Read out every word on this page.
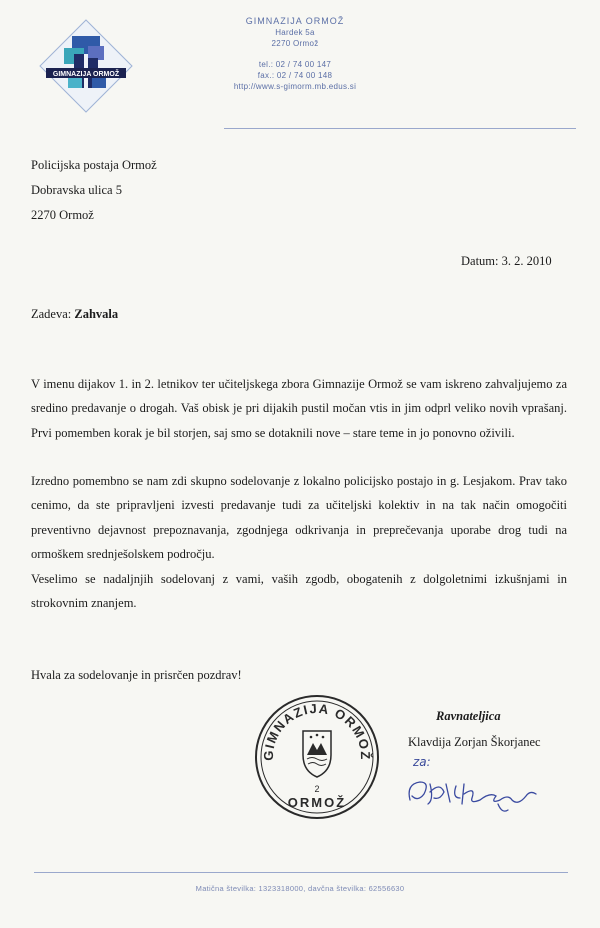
GIMNAZIJA ORMOŽ
GIMNAZIJA ORMOŽ
Hardek 5a
2270 Ormož
tel.: 02 / 74 00 147
fax.: 02 / 74 00 148
http://www.s-gimorm.mb.edus.si
Policijska postaja Ormož
Dobravska ulica 5
2270 Ormož
Datum: 3. 2. 2010
Zadeva: Zahvala
V imenu dijakov 1. in 2. letnikov ter učiteljskega zbora Gimnazije Ormož se vam iskreno zahvaljujemo za sredino predavanje o drogah. Vaš obisk je pri dijakih pustil močan vtis in jim odprl veliko novih vprašanj. Prvi pomemben korak je bil storjen, saj smo se dotaknili nove – stare teme in jo ponovno oživili.
Izredno pomembno se nam zdi skupno sodelovanje z lokalno policijsko postajo in g. Lesjakom. Prav tako cenimo, da ste pripravljeni izvesti predavanje tudi za učiteljski kolektiv in na tak način omogočiti preventivno dejavnost prepoznavanja, zgodnjega odkrivanja in preprečevanja uporabe drog tudi na ormoškem srednješolskem področju.
Veselimo se nadaljnjih sodelovanj z vami, vaših zgodb, obogatenih z dolgoletnimi izkušnjami in strokovnim znanjem.
Hvala za sodelovanje in prisrčen pozdrav!
GIMNAZIJA ORMOŽ
2
ORMOŽ
Ravnateljica
Klavdija Zorjan Škorjanec
za:
Matična številka: 1323318000, davčna številka: 62556630
